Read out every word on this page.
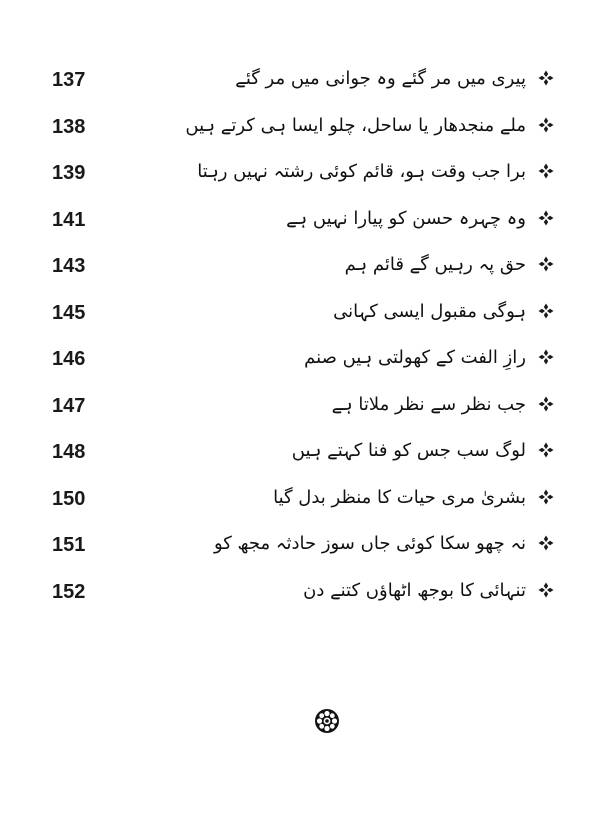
137	پیری میں مر گئے وہ جوانی میں مر گئے
138	ملے منجدھار یا ساحل، چلو ایسا ہی کرتے ہیں
139	برا جب وقت ہو، قائم کوئی رشتہ نہیں رہتا
141	وہ چہرہ حسن کو پیارا نہیں ہے
143	حق پہ رہیں گے قائم ہم
145	ہوگی مقبول ایسی کہانی
146	رازِ الفت کے کھولتی ہیں صنم
147	جب نظر سے نظر ملاتا ہے
148	لوگ سب جس کو فنا کہتے ہیں
150	بشریٰ مری حیات کا منظر بدل گیا
151	نہ چھو سکا کوئی جاں سوز حادثہ مجھ کو
152	تنہائی کا بوجھ اٹھاؤں کتنے دن
